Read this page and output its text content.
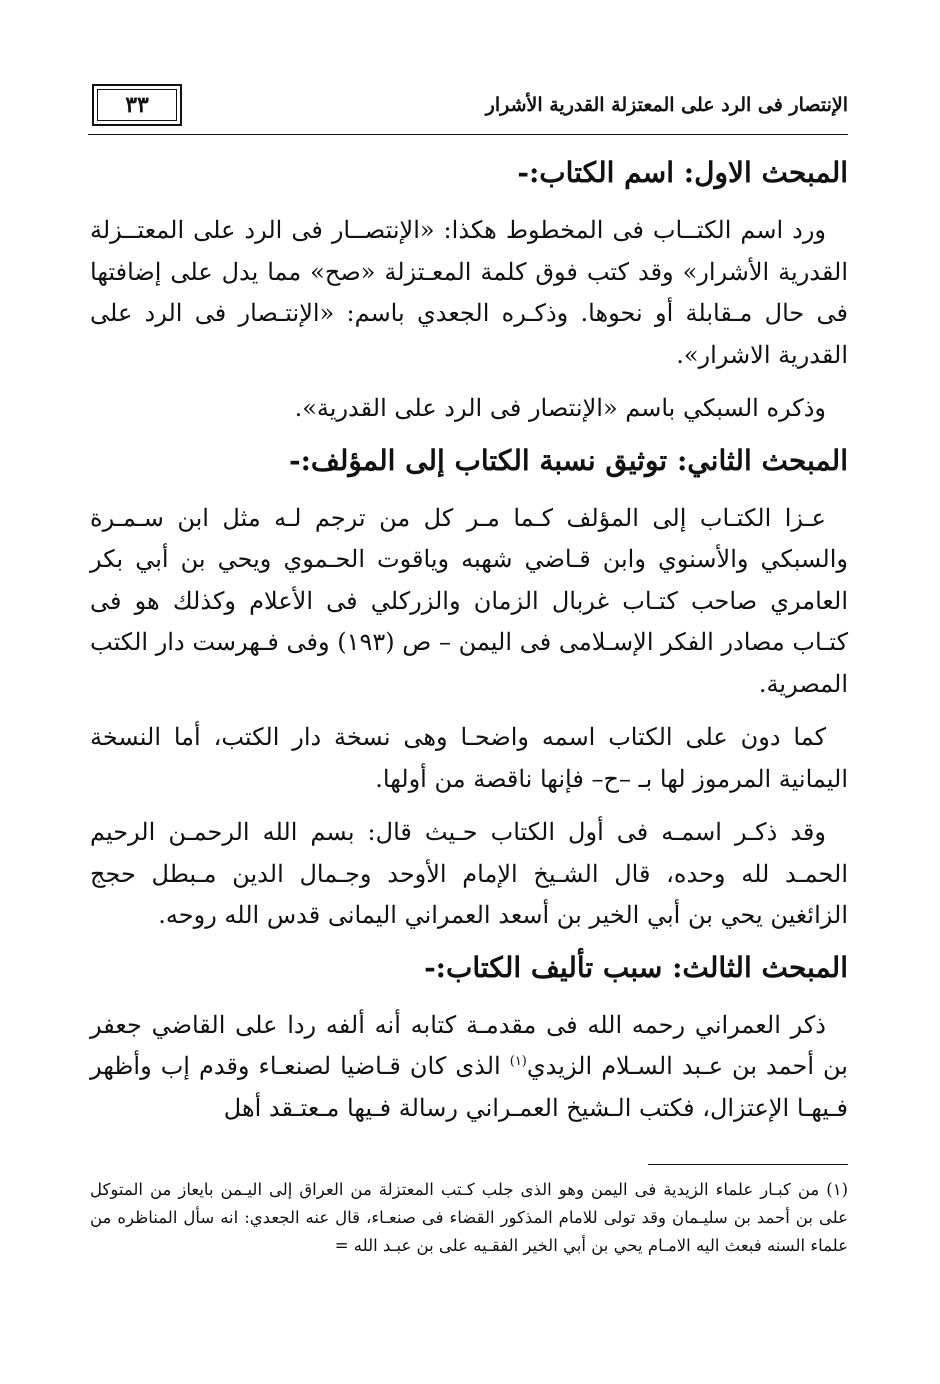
الإنتصار فى الرد على المعتزلة القدرية الأشرار
٣٣
المبحث الاول: اسم الكتاب:-

ورد اسم الكتــاب فى المخطوط هكذا: «الإنتصــار فى الرد على المعتــزلة القدرية الأشرار» وقد كتب فوق كلمة المعـتزلة «صح» مما يدل على إضافتها فى حال مـقابلة أو نحوها. وذكـره الجعدي باسم: «الإنتـصار فى الرد على القدرية الاشرار».

وذكره السبكي باسم «الإنتصار فى الرد على القدرية».

المبحث الثاني: توثيق نسبة الكتاب إلى المؤلف:-

عـزا الكتـاب إلى المؤلف كـما مـر كل من ترجم لـه مثل ابن سـمـرة والسبكي والأسنوي وابن قـاضي شهبه وياقوت الحـموي ويحي بن أبي بكر العامري صاحب كتـاب غربال الزمان والزركلي فى الأعلام وكذلك هو فى كتـاب مصادر الفكر الإسـلامى فى اليمن – ص (١٩٣) وفى فـهرست دار الكتب المصرية.

كما دون على الكتاب اسمه واضحـا وهى نسخة دار الكتب، أما النسخة اليمانية المرموز لها بـ –ح– فإنها ناقصة من أولها.

وقد ذكـر اسمـه فى أول الكتاب حـيث قال: بسم الله الرحمـن الرحيم الحمـد لله وحده، قال الشـيخ الإمام الأوحد وجـمال الدين مـبطل حجج الزائغين يحي بن أبي الخير بن أسعد العمراني اليمانى قدس الله روحه.

المبحث الثالث: سبب تأليف الكتاب:-

ذكر العمراني رحمه الله فى مقدمـة كتابه أنه ألفه ردا على القاضي جعفر بن أحمد بن عـبد السـلام الزيدي$^{(١)}$ الذى كان قـاضيا لصنعـاء وقدم إب وأظهر فـيهـا الإعتزال، فكتب الـشيخ العمـراني رسالة فـيها مـعتـقد أهل

(١) من كبـار علماء الزيدية فى اليمن وهو الذى جلب كـتب المعتزلة من العراق إلى اليـمن بايعاز من المتوكل على بن أحمد بن سليـمان وقد تولى للامام المذكور القضاء فى صنعـاء، قال عنه الجعدي: انه سأل المناظره من علماء السنه فبعث اليه الامـام يحي بن أبي الخير الفقـيه على بن عبـد الله =
